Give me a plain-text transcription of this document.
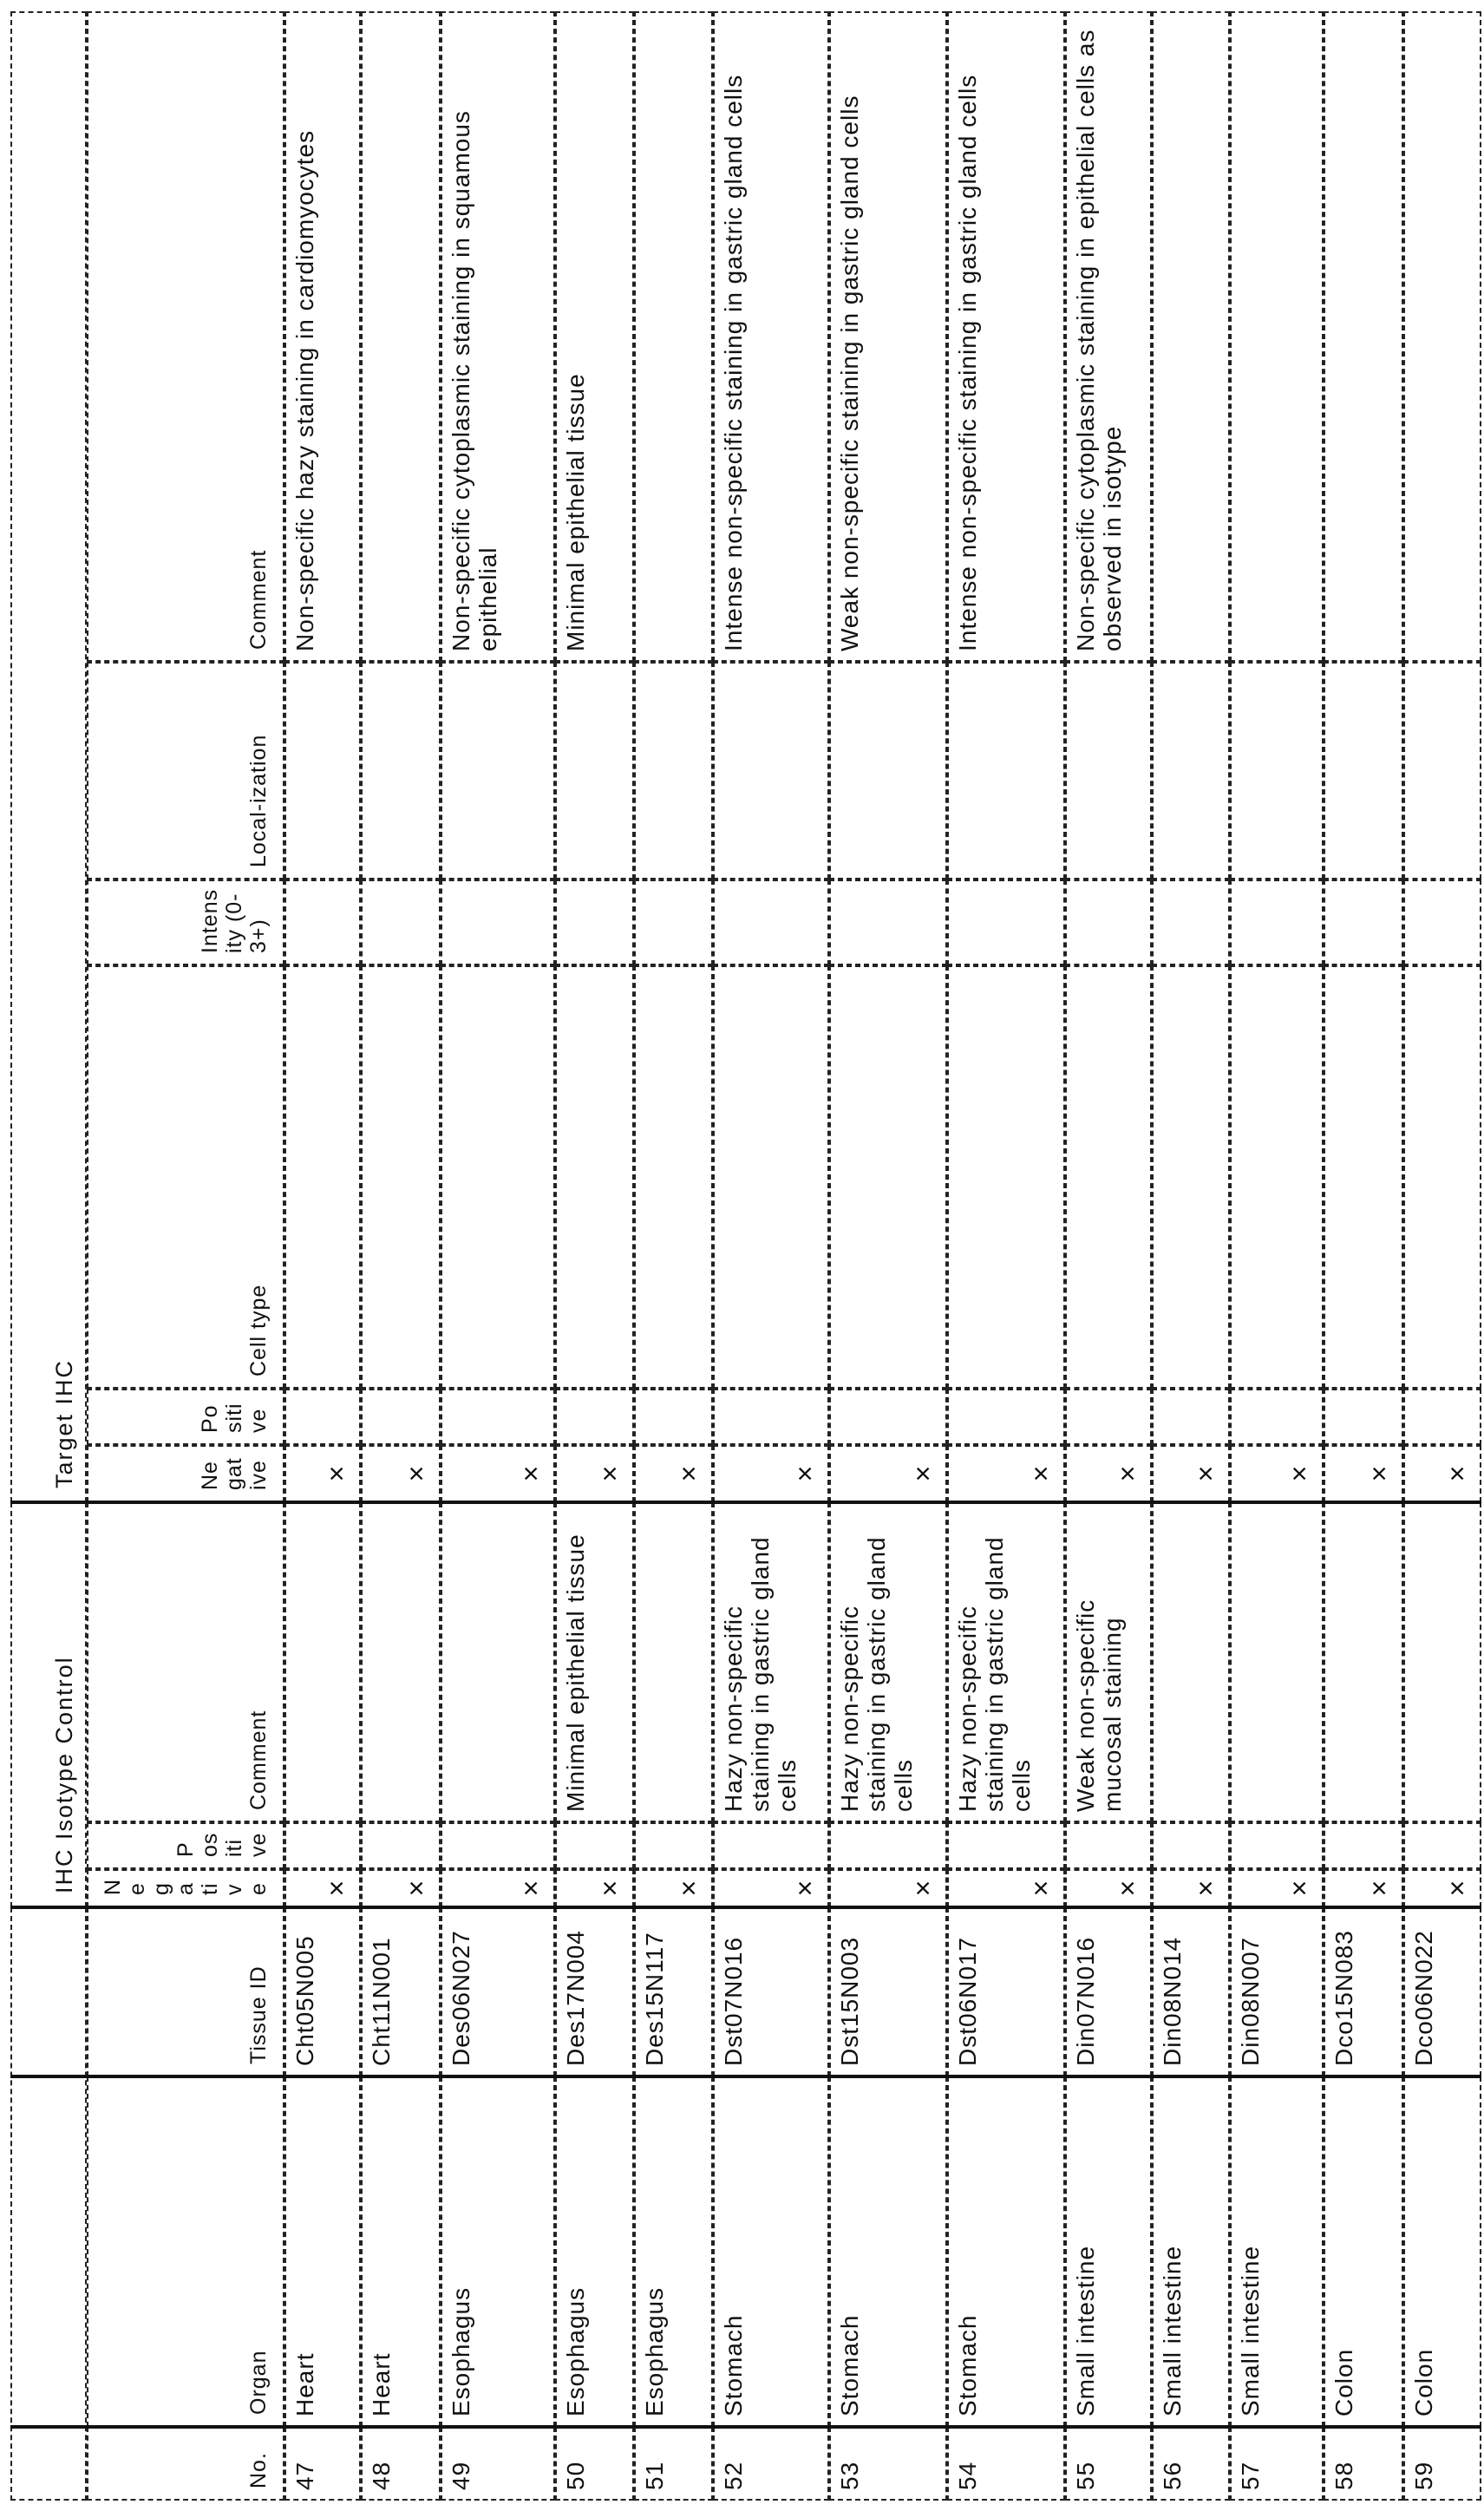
IHC Isotype Control
Target IHC
No.
Organ
Tissue ID
Negative
Positive
Comment
Negative
Positive
Cell type
Intensity (0-3+)
Local-ization
Comment
47
Heart
Cht05N005
×
×
Non-specific hazy staining in cardiomyocytes
48
Heart
Cht11N001
×
×
49
Esophagus
Des06N027
×
×
Non-specific cytoplasmic staining in squamous epithelial
50
Esophagus
Des17N004
×
Minimal epithelial tissue
×
Minimal epithelial tissue
51
Esophagus
Des15N117
×
×
52
Stomach
Dst07N016
×
Hazy non-specific staining in gastric gland cells
×
Intense non-specific staining in gastric gland cells
53
Stomach
Dst15N003
×
Hazy non-specific staining in gastric gland cells
×
Weak non-specific staining in gastric gland cells
54
Stomach
Dst06N017
×
Hazy non-specific staining in gastric gland cells
×
Intense non-specific staining in gastric gland cells
55
Small intestine
Din07N016
×
Weak non-specific mucosal staining
×
Non-specific cytoplasmic staining in epithelial cells as observed in isotype
56
Small intestine
Din08N014
×
×
57
Small intestine
Din08N007
×
×
58
Colon
Dco15N083
×
×
59
Colon
Dco06N022
×
×
